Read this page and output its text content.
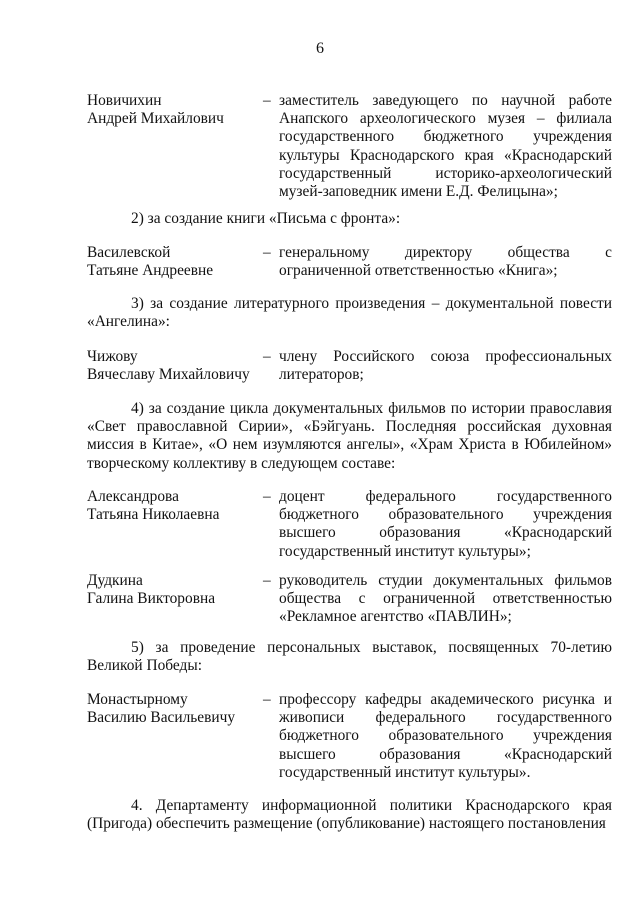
6
Новичихин
Андрей Михайлович
– заместитель заведующего по научной работе Анапского археологического музея – филиала государственного бюджетного учреждения культуры Краснодарского края «Краснодарский государственный историко-археологический музей-заповедник имени Е.Д. Фелицына»;
2) за создание книги «Письма с фронта»:
Василевской
Татьяне Андреевне
– генеральному директору общества с ограниченной ответственностью «Книга»;
3) за создание литературного произведения – документальной повести «Ангелина»:
Чижову
Вячеславу Михайловичу
– члену Российского союза профессиональных литераторов;
4) за создание цикла документальных фильмов по истории православия «Свет православной Сирии», «Бэйгуань. Последняя российская духовная миссия в Китае», «О нем изумляются ангелы», «Храм Христа в Юбилейном» творческому коллективу в следующем составе:
Александрова
Татьяна Николаевна
– доцент федерального государственного бюджетного образовательного учреждения высшего образования «Краснодарский государственный институт культуры»;
Дудкина
Галина Викторовна
– руководитель студии документальных фильмов общества с ограниченной ответственностью «Рекламное агентство «ПАВЛИН»;
5) за проведение персональных выставок, посвященных 70-летию Великой Победы:
Монастырному
Василию Васильевичу
– профессору кафедры академического рисунка и живописи федерального государственного бюджетного образовательного учреждения высшего образования «Краснодарский государственный институт культуры».
4. Департаменту информационной политики Краснодарского края (Пригода) обеспечить размещение (опубликование) настоящего постановления
